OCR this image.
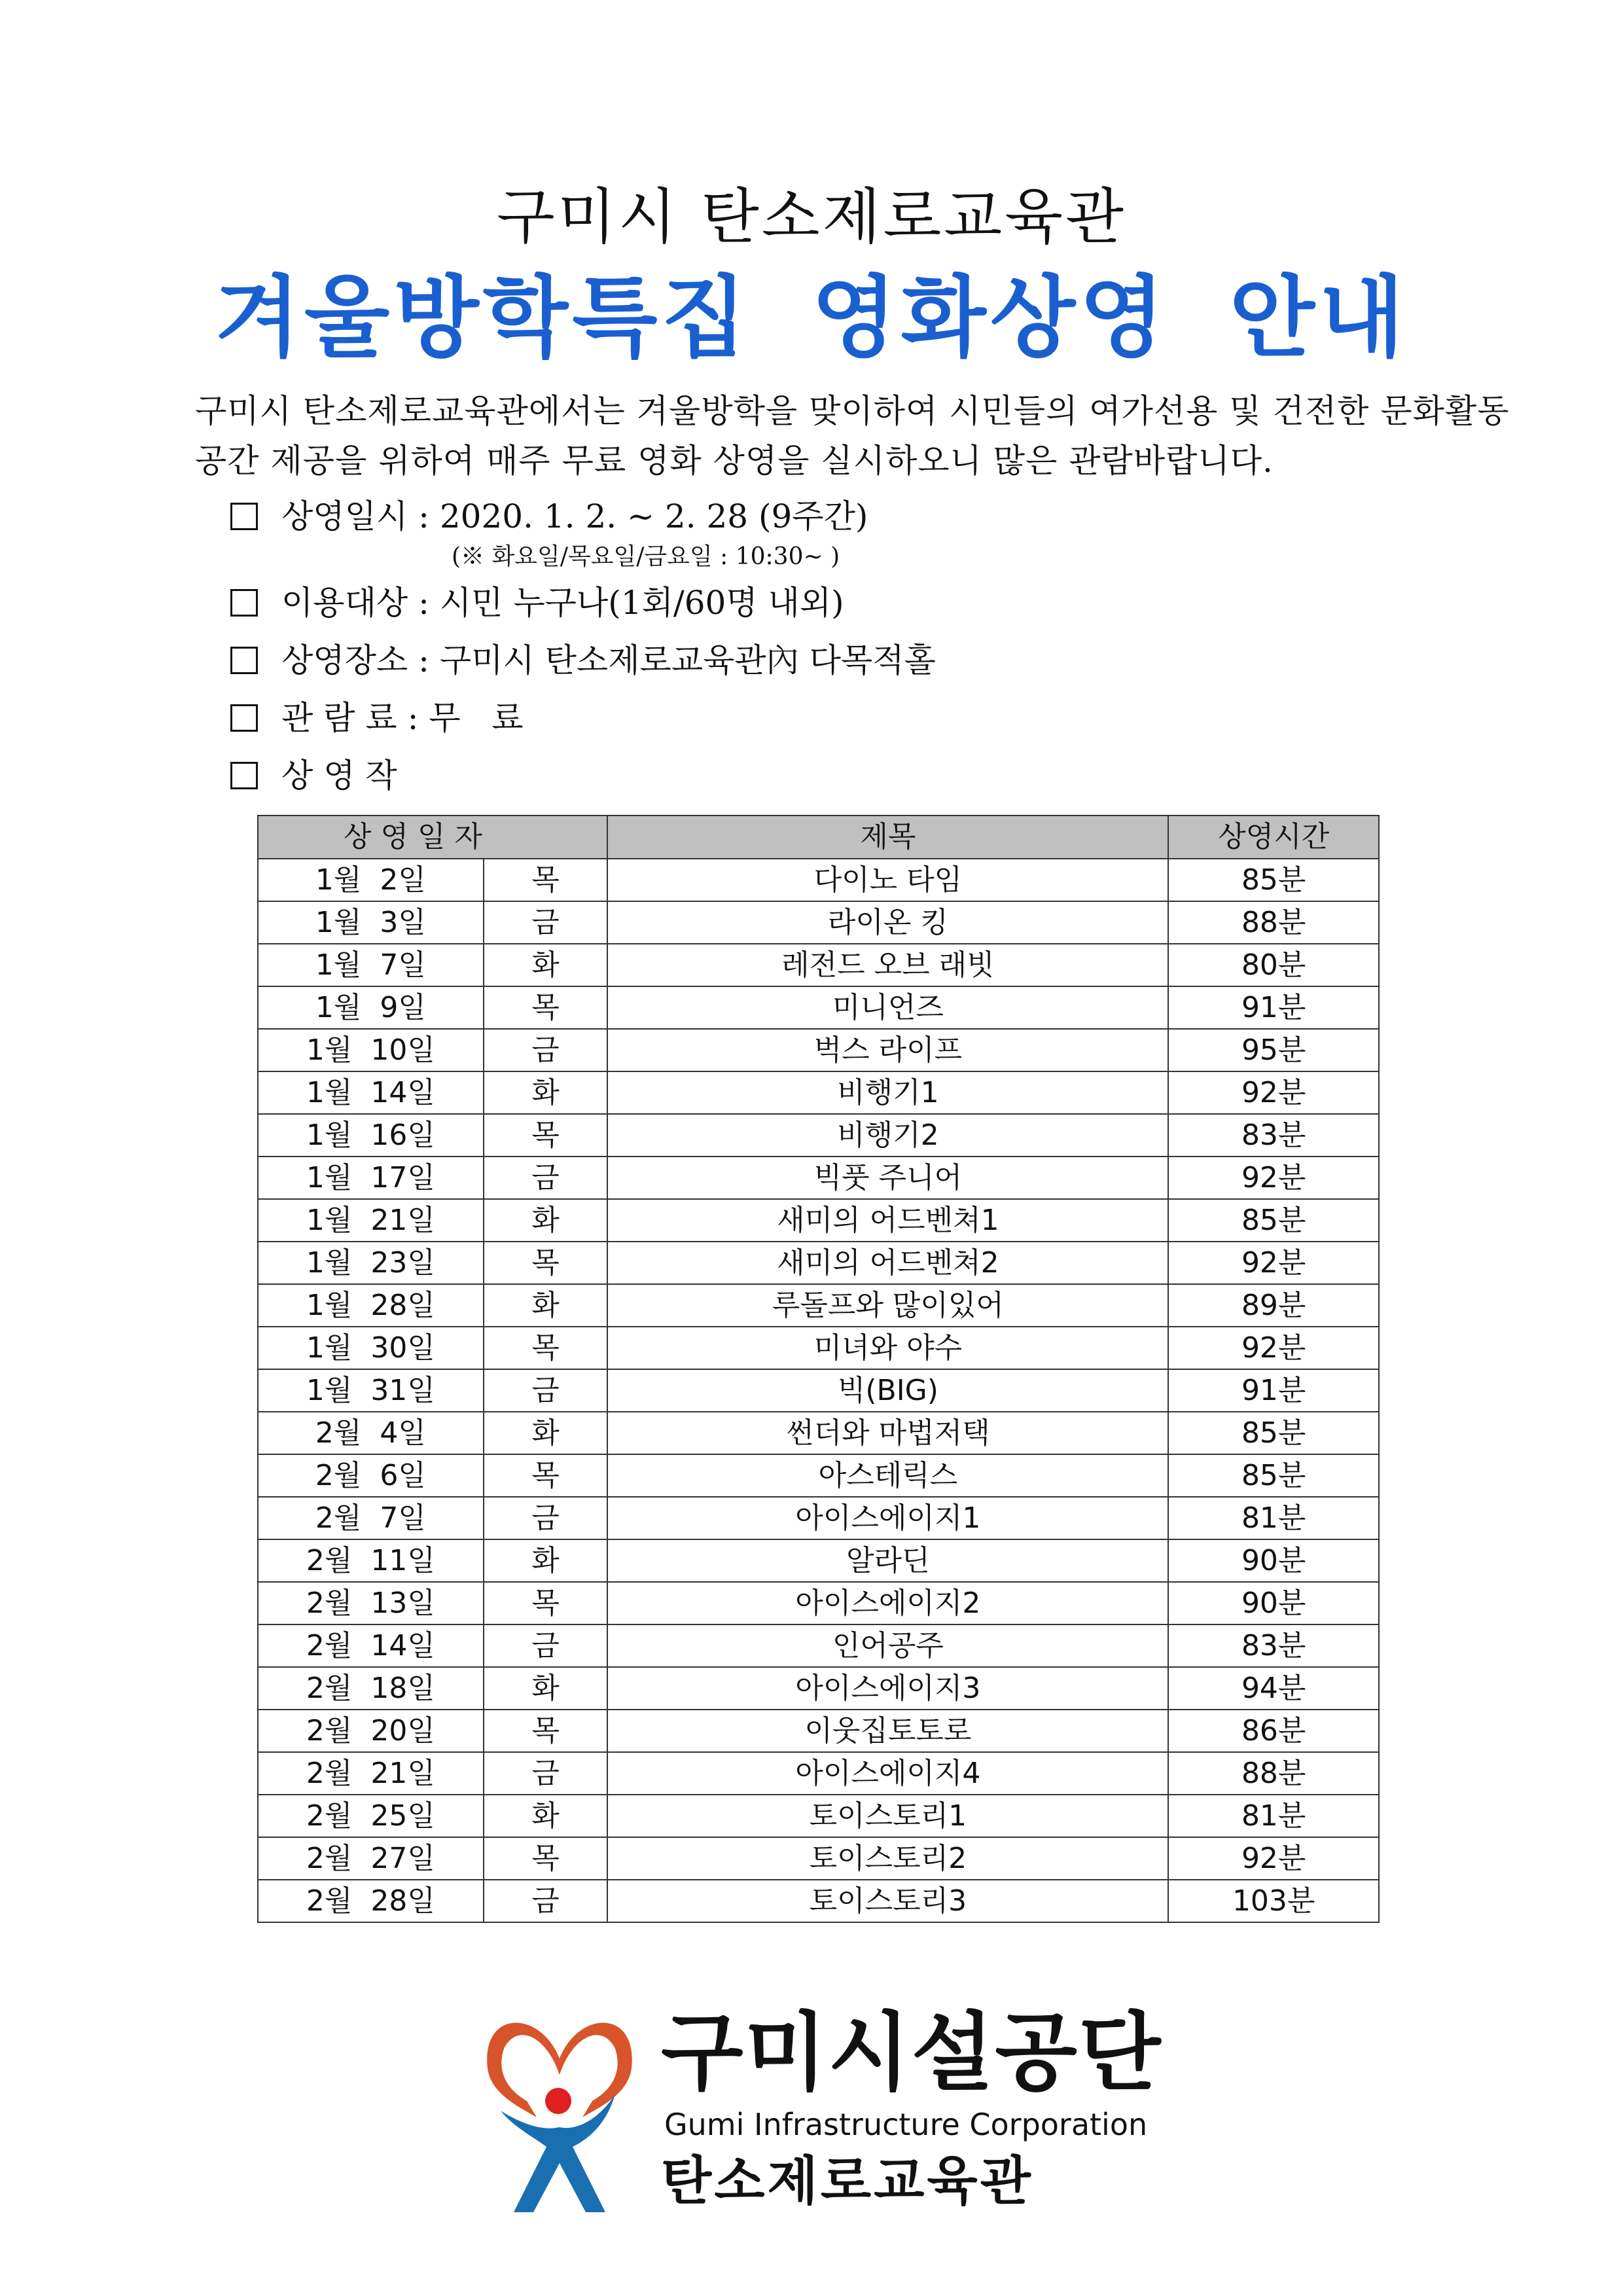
구미시 탄소제로교육관
겨울방학특집 영화상영 안내
구미시 탄소제로교육관에서는 겨울방학을 맞이하여 시민들의 여가선용 및 건전한 문화활동
공간 제공을 위하여 매주 무료 영화 상영을 실시하오니 많은 관람바랍니다.
상영일시 : 2020. 1. 2. ~ 2. 28 (9주간)
(※ 화요일/목요일/금요일 : 10:30~ )
이용대상 : 시민 누구나(1회/60명 내외)
상영장소 : 구미시 탄소제로교육관內 다목적홀
관 람 료 : 무   료
상 영 작
상 영 일 자		제목	상영시간
1월  2일	목	다이노 타임	85분
1월  3일	금	라이온 킹	88분
1월  7일	화	레전드 오브 래빗	80분
1월  9일	목	미니언즈	91분
1월  10일	금	벅스 라이프	95분
1월  14일	화	비행기1	92분
1월  16일	목	비행기2	83분
1월  17일	금	빅풋 주니어	92분
1월  21일	화	새미의 어드벤쳐1	85분
1월  23일	목	새미의 어드벤쳐2	92분
1월  28일	화	루돌프와 많이있어	89분
1월  30일	목	미녀와 야수	92분
1월  31일	금	빅(BIG)	91분
2월  4일	화	썬더와 마법저택	85분
2월  6일	목	아스테릭스	85분
2월  7일	금	아이스에이지1	81분
2월  11일	화	알라딘	90분
2월  13일	목	아이스에이지2	90분
2월  14일	금	인어공주	83분
2월  18일	화	아이스에이지3	94분
2월  20일	목	이웃집토토로	86분
2월  21일	금	아이스에이지4	88분
2월  25일	화	토이스토리1	81분
2월  27일	목	토이스토리2	92분
2월  28일	금	토이스토리3	103분
구미시설공단
Gumi Infrastructure Corporation
탄소제로교육관
